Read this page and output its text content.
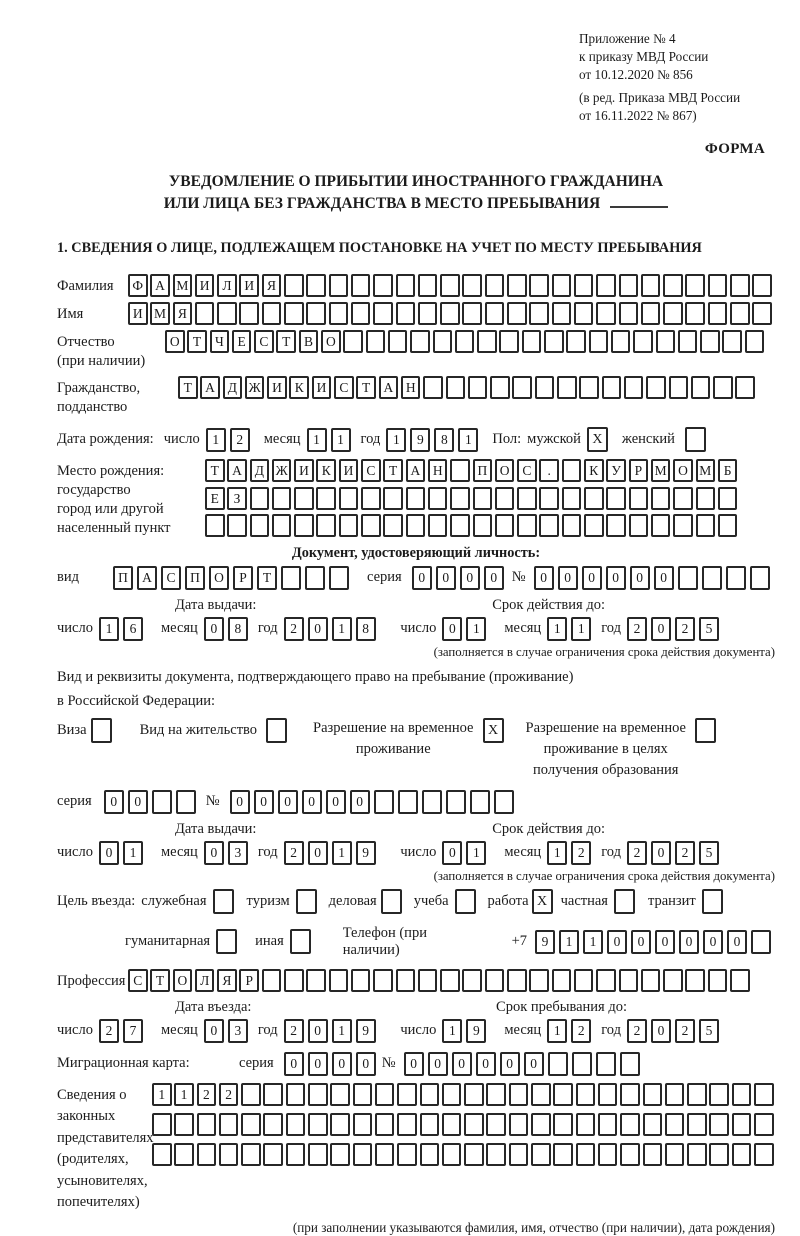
Приложение № 4
к приказу МВД России
от 10.12.2020 № 856
(в ред. Приказа МВД России
от 16.11.2022 № 867)
ФОРМА
УВЕДОМЛЕНИЕ О ПРИБЫТИИ ИНОСТРАННОГО ГРАЖДАНИНА
ИЛИ ЛИЦА БЕЗ ГРАЖДАНСТВА В МЕСТО ПРЕБЫВАНИЯ
1. СВЕДЕНИЯ О ЛИЦЕ, ПОДЛЕЖАЩЕМ ПОСТАНОВКЕ НА УЧЕТ ПО МЕСТУ ПРЕБЫВАНИЯ
Фамилия	Ф А М И Л И Я
Имя	И М Я
Отчество
(при наличии)
О Т	Ч	Е	С	Т	В О
Гражданство,
подданство
Т А Д Ж И К И С	Т А Н
Дата рождения: число 1	2	месяц 1	1	год 1	9	8	1	Пол: мужской X	женский
Место рождения:
государство
город или другой
населенный пункт
Т А Д Ж И К И С	Т А Н	П О С	.	К У	Р М О М Б
Е	З
Документ, удостоверяющий личность:
вид	П	А	С	П	О	Р	Т	серия	0	0	0	0	№	0	0	0	0	0	0
Дата выдачи:	Срок действия до:
число 1	6	месяц 0	8	год 2	0	1	8	число 0	1	месяц 1	1	год 2	0	2	5
(заполняется в случае ограничения срока действия документа)
Вид и реквизиты документа, подтверждающего право на пребывание (проживание)
в Российской Федерации:
Виза	Вид на жительство	Разрешение на временное
проживание
X	Разрешение на временное
проживание в целях
получения образования
серия	0	0	№	0	0	0	0	0	0
Дата выдачи:	Срок действия до:
число 0	1	месяц 0	3	год 2	0	1	9	число 0	1	месяц 1	2	год 2	0	2	5
(заполняется в случае ограничения срока действия документа)
Цель въезда: служебная	туризм	деловая	учеба	работа X частная	транзит
гуманитарная	иная
Телефон (при наличии)
+7	9	1	1	0	0	0	0	0	0
Профессия С	Т О Л Я	Р
Дата въезда:	Срок пребывания до:
число 2	7	месяц 0	3	год 2	0	1	9	число 1	9	месяц 1	2	год 2	0	2	5
Миграционная карта:	серия	0	0	0	0 №	0	0	0	0	0	0
Сведения о
законных
представителях
(родителях,
усыновителях,
попечителях)
1	1	2	2
(при заполнении указываются фамилия, имя, отчество (при наличии), дата рождения)
